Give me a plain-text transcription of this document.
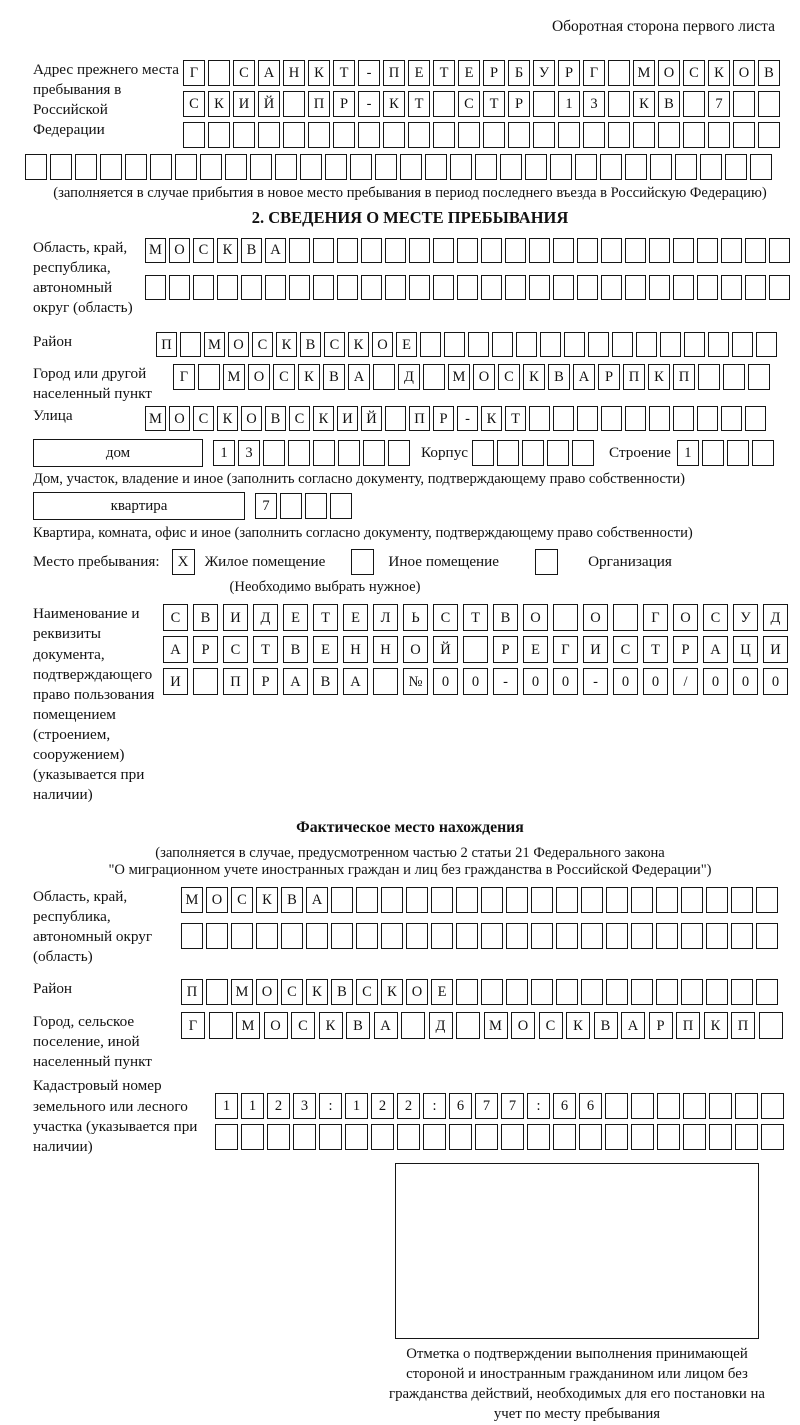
Оборотная сторона первого листа
Адрес прежнего места пребывания в Российской Федерации
Г	С	А	Н	К	Т	-	П	Е	Т	Е	Р	Б	У	Р	Г	М О	С	К	О	В
С	К	И	Й	П	Р	-	К	Т	С	Т	Р	1	3	К	В	7
(заполняется в случае прибытия в новое место пребывания в период последнего въезда в Российскую Федерацию)
2. СВЕДЕНИЯ О МЕСТЕ ПРЕБЫВАНИЯ
Область, край, республика, автономный округ (область)
М О С К В А
Район	П	М О С К В С К О Е
Город или другой населенный пункт
Г	М О	С	К	В	А	Д	М О	С	К	В	А	Р	П	К	П
Улица	М О С К О В С К И Й	П	Р	-	К	Т
дом	1	3	Корпус	Строение 1
Дом, участок, владение и иное (заполнить согласно документу, подтверждающему право собственности)
квартира	7
Квартира, комната, офис и иное (заполнить согласно документу, подтверждающему право собственности)
Место пребывания:	X	Жилое помещение	Иное помещение	Организация
(Необходимо выбрать нужное)
Наименование и реквизиты документа, подтверждающего право пользования помещением (строением, сооружением) (указывается при наличии)
С	В	И	Д	Е	Т	Е	Л	Ь	С	Т	В	О	О	Г	О	С	У	Д
А	Р	С	Т	В	Е	Н	Н	О	Й	Р	Е	Г	И	С	Т	Р	А	Ц	И
И	П	Р	А	В	А	№	0	0	-	0	0	-	0	0	/	0	0	0
Фактическое место нахождения
(заполняется в случае, предусмотренном частью 2 статьи 21 Федерального закона
"О миграционном учете иностранных граждан и лиц без гражданства в Российской Федерации")
Область, край, республика, автономный округ (область)
М О	С	К	В	А
Район	П	М О	С	К	В	С	К	О	Е
Город, сельское поселение, иной населенный пункт
Г	М	О	С	К	В	А	Д	М	О	С	К	В	А	Р	П	К	П
Кадастровый номер земельного или лесного участка (указывается при наличии)
1	1	2	3	:	1	2	2	:	6	7	7	:	6	6
Отметка о подтверждении выполнения принимающей стороной и иностранным гражданином или лицом без гражданства действий, необходимых для его постановки на учет по месту пребывания
